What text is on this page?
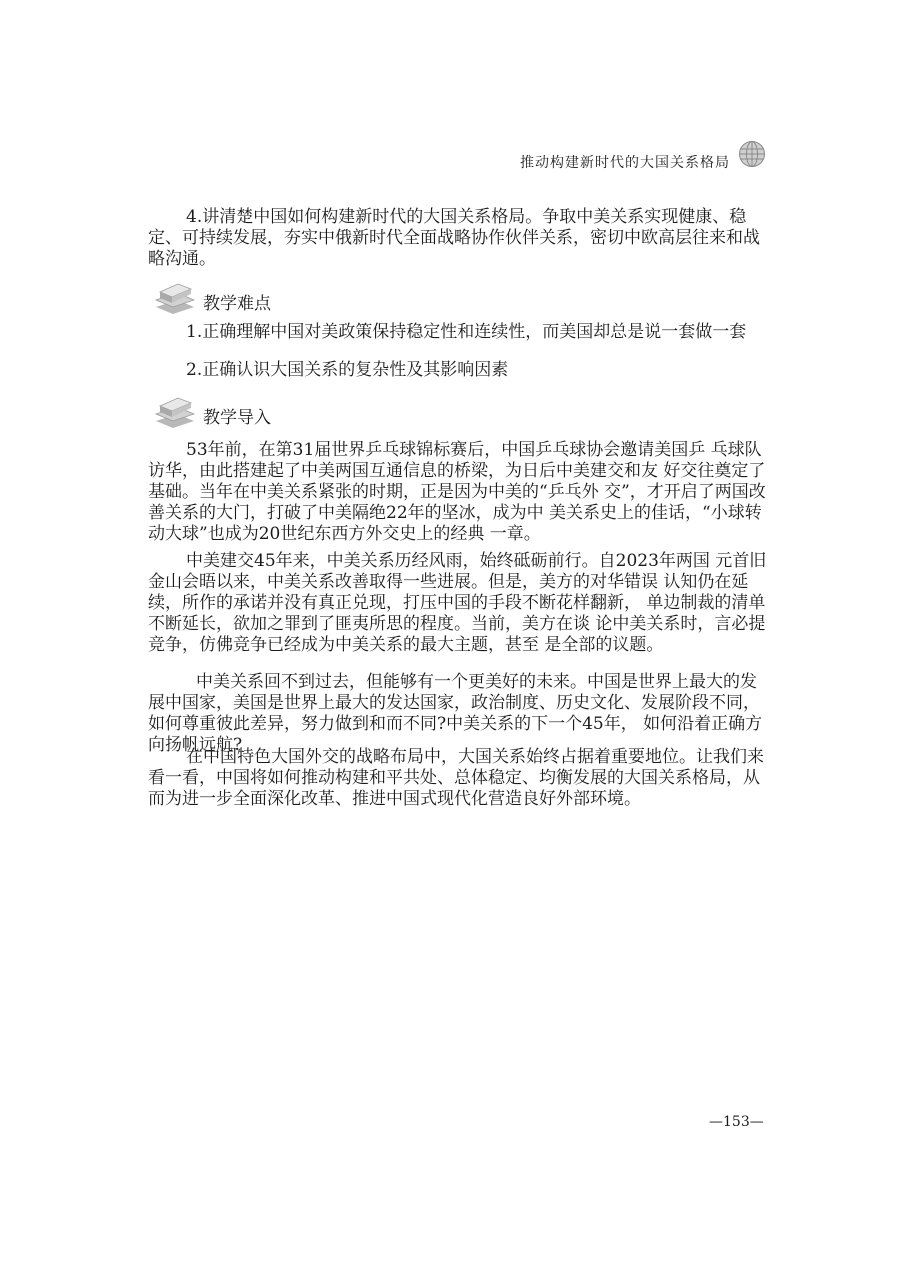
推动构建新时代的大国关系格局

4.讲清楚中国如何构建新时代的大国关系格局。争取中美关系实现健康、稳定、可持续发展，夯实中俄新时代全面战略协作伙伴关系，密切中欧高层往来和战略沟通。

教学难点

1.正确理解中国对美政策保持稳定性和连续性，而美国却总是说一套做一套

2.正确认识大国关系的复杂性及其影响因素

教学导入

53年前，在第31届世界乒乓球锦标赛后，中国乒乓球协会邀请美国乒 乓球队访华，由此搭建起了中美两国互通信息的桥梁，为日后中美建交和友 好交往奠定了基础。当年在中美关系紧张的时期，正是因为中美的“乒乓外 交”，才开启了两国改善关系的大门，打破了中美隔绝22年的坚冰，成为中 美关系史上的佳话，“小球转动大球”也成为20世纪东西方外交史上的经典 一章。

中美建交45年来，中美关系历经风雨，始终砥砺前行。自2023年两国 元首旧金山会晤以来，中美关系改善取得一些进展。但是，美方的对华错误 认知仍在延续，所作的承诺并没有真正兑现，打压中国的手段不断花样翻新， 单边制裁的清单不断延长，欲加之罪到了匪夷所思的程度。当前，美方在谈 论中美关系时，言必提竞争，仿佛竞争已经成为中美关系的最大主题，甚至 是全部的议题。

中美关系回不到过去，但能够有一个更美好的未来。中国是世界上最大的发展中国家，美国是世界上最大的发达国家，政治制度、历史文化、发展阶段不同，如何尊重彼此差异，努力做到和而不同?中美关系的下一个45年， 如何沿着正确方向扬帆远航?

在中国特色大国外交的战略布局中，大国关系始终占据着重要地位。让我们来看一看，中国将如何推动构建和平共处、总体稳定、均衡发展的大国关系格局，从而为进一步全面深化改革、推进中国式现代化营造良好外部环境。

—153—
